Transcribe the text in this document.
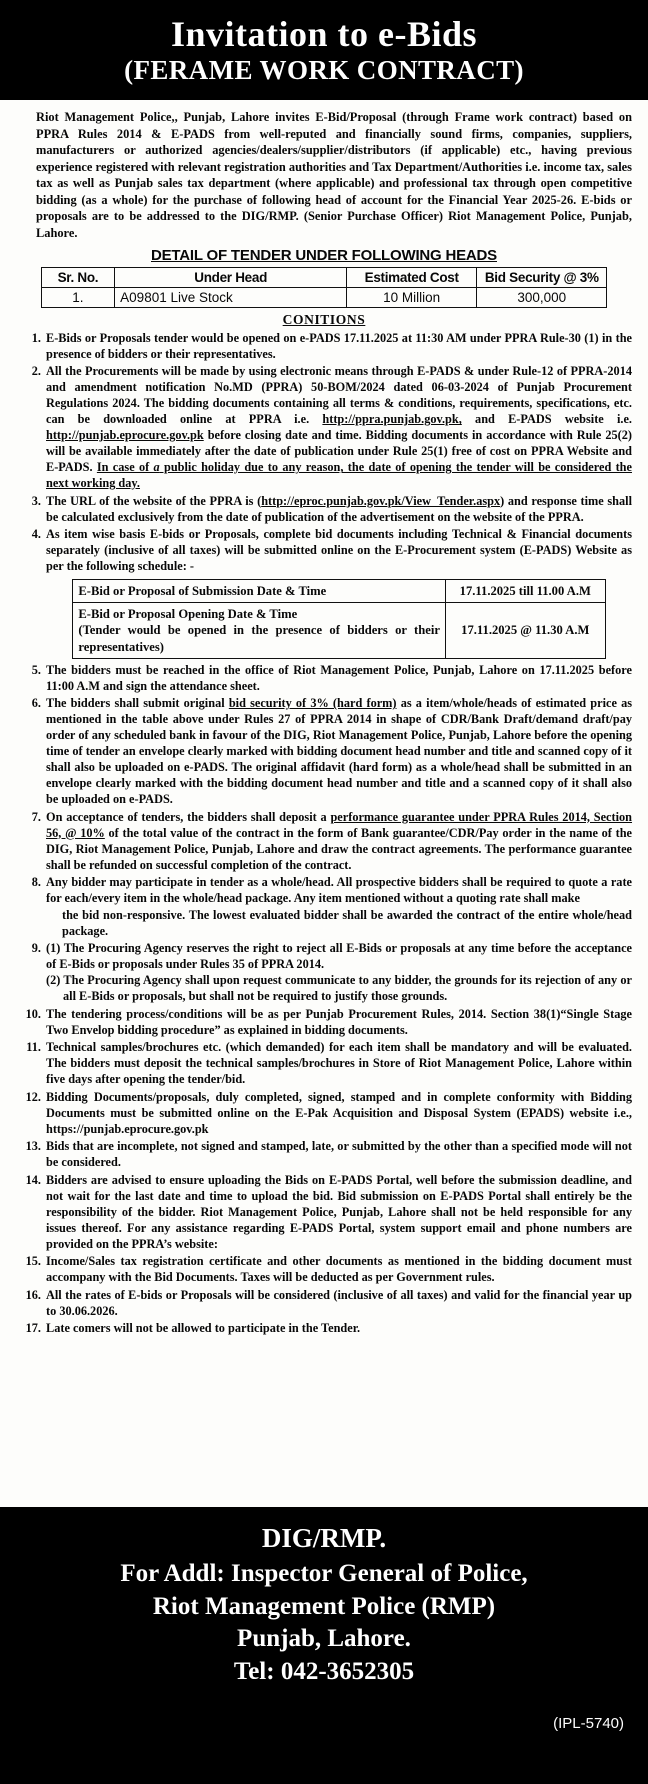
Invitation to e-Bids
(FERAME WORK CONTRACT)

Riot Management Police,, Punjab, Lahore invites E-Bid/Proposal (through Frame work contract) based on PPRA Rules 2014 & E-PADS from well-reputed and financially sound firms, companies, suppliers, manufacturers or authorized agencies/dealers/supplier/distributors (if applicable) etc., having previous experience registered with relevant registration authorities and Tax Department/Authorities i.e. income tax, sales tax as well as Punjab sales tax department (where applicable) and professional tax through open competitive bidding (as a whole) for the purchase of following head of account for the Financial Year 2025-26. E-bids or proposals are to be addressed to the DIG/RMP. (Senior Purchase Officer) Riot Management Police, Punjab, Lahore.

DETAIL OF TENDER UNDER FOLLOWING HEADS
Sr. No.	Under Head	Estimated Cost	Bid Security @ 3%
1.	A09801 Live Stock	10 Million	300,000
CONITIONS
E-Bids or Proposals tender would be opened on e-PADS 17.11.2025 at 11:30 AM under PPRA Rule-30 (1) in the presence of bidders or their representatives.
All the Procurements will be made by using electronic means through E-PADS & under Rule-12 of PPRA-2014 and amendment notification No.MD (PPRA) 50-BOM/2024 dated 06-03-2024 of Punjab Procurement Regulations 2024. The bidding documents containing all terms & conditions, requirements, specifications, etc. can be downloaded online at PPRA i.e. http://ppra.punjab.gov.pk, and E-PADS website i.e. http://punjab.eprocure.gov.pk before closing date and time. Bidding documents in accordance with Rule 25(2) will be available immediately after the date of publication under Rule 25(1) free of cost on PPRA Website and E-PADS. In case of a public holiday due to any reason, the date of opening the tender will be considered the next working day.
The URL of the website of the PPRA is (http://eproc.punjab.gov.pk/View_Tender.aspx) and response time shall be calculated exclusively from the date of publication of the advertisement on the website of the PPRA.
As item wise basis E-bids or Proposals, complete bid documents including Technical & Financial documents separately (inclusive of all taxes) will be submitted online on the E-Procurement system (E-PADS) Website as per the following schedule: -
E-Bid or Proposal of Submission Date & Time	17.11.2025 till 11.00 A.M
E-Bid or Proposal Opening Date & Time
(Tender would be opened in the presence of bidders or their representatives)	17.11.2025 @ 11.30 A.M
The bidders must be reached in the office of Riot Management Police, Punjab, Lahore on 17.11.2025 before 11:00 A.M and sign the attendance sheet.
The bidders shall submit original bid security of 3% (hard form) as a item/whole/heads of estimated price as mentioned in the table above under Rules 27 of PPRA 2014 in shape of CDR/Bank Draft/demand draft/pay order of any scheduled bank in favour of the DIG, Riot Management Police, Punjab, Lahore before the opening time of tender an envelope clearly marked with bidding document head number and title and scanned copy of it shall also be uploaded on e-PADS. The original affidavit (hard form) as a whole/head shall be submitted in an envelope clearly marked with the bidding document head number and title and a scanned copy of it shall also be uploaded on e-PADS.
On acceptance of tenders, the bidders shall deposit a performance guarantee under PPRA Rules 2014, Section 56, @ 10% of the total value of the contract in the form of Bank guarantee/CDR/Pay order in the name of the DIG, Riot Management Police, Punjab, Lahore and draw the contract agreements. The performance guarantee shall be refunded on successful completion of the contract.
Any bidder may participate in tender as a whole/head. All prospective bidders shall be required to quote a rate for each/every item in the whole/head package. Any item mentioned without a quoting rate shall make
the bid non-responsive. The lowest evaluated bidder shall be awarded the contract of the entire whole/head package.
(1) The Procuring Agency reserves the right to reject all E-Bids or proposals at any time before the acceptance of E-Bids or proposals under Rules 35 of PPRA 2014.
(2) The Procuring Agency shall upon request communicate to any bidder, the grounds for its rejection of any or all E-Bids or proposals, but shall not be required to justify those grounds.
The tendering process/conditions will be as per Punjab Procurement Rules, 2014. Section 38(1)“Single Stage Two Envelop bidding procedure” as explained in bidding documents.
Technical samples/brochures etc. (which demanded) for each item shall be mandatory and will be evaluated. The bidders must deposit the technical samples/brochures in Store of Riot Management Police, Lahore within five days after opening the tender/bid.
Bidding Documents/proposals, duly completed, signed, stamped and in complete conformity with Bidding Documents must be submitted online on the E-Pak Acquisition and Disposal System (EPADS) website i.e., https://punjab.eprocure.gov.pk
Bids that are incomplete, not signed and stamped, late, or submitted by the other than a specified mode will not be considered.
Bidders are advised to ensure uploading the Bids on E-PADS Portal, well before the submission deadline, and not wait for the last date and time to upload the bid. Bid submission on E-PADS Portal shall entirely be the responsibility of the bidder. Riot Management Police, Punjab, Lahore shall not be held responsible for any issues thereof. For any assistance regarding E-PADS Portal, system support email and phone numbers are provided on the PPRA’s website:
Income/Sales tax registration certificate and other documents as mentioned in the bidding document must accompany with the Bid Documents. Taxes will be deducted as per Government rules.
All the rates of E-bids or Proposals will be considered (inclusive of all taxes) and valid for the financial year up to 30.06.2026.
Late comers will not be allowed to participate in the Tender.
DIG/RMP.
For Addl: Inspector General of Police,
Riot Management Police (RMP)
Punjab, Lahore.
Tel: 042-3652305
(IPL-5740)
